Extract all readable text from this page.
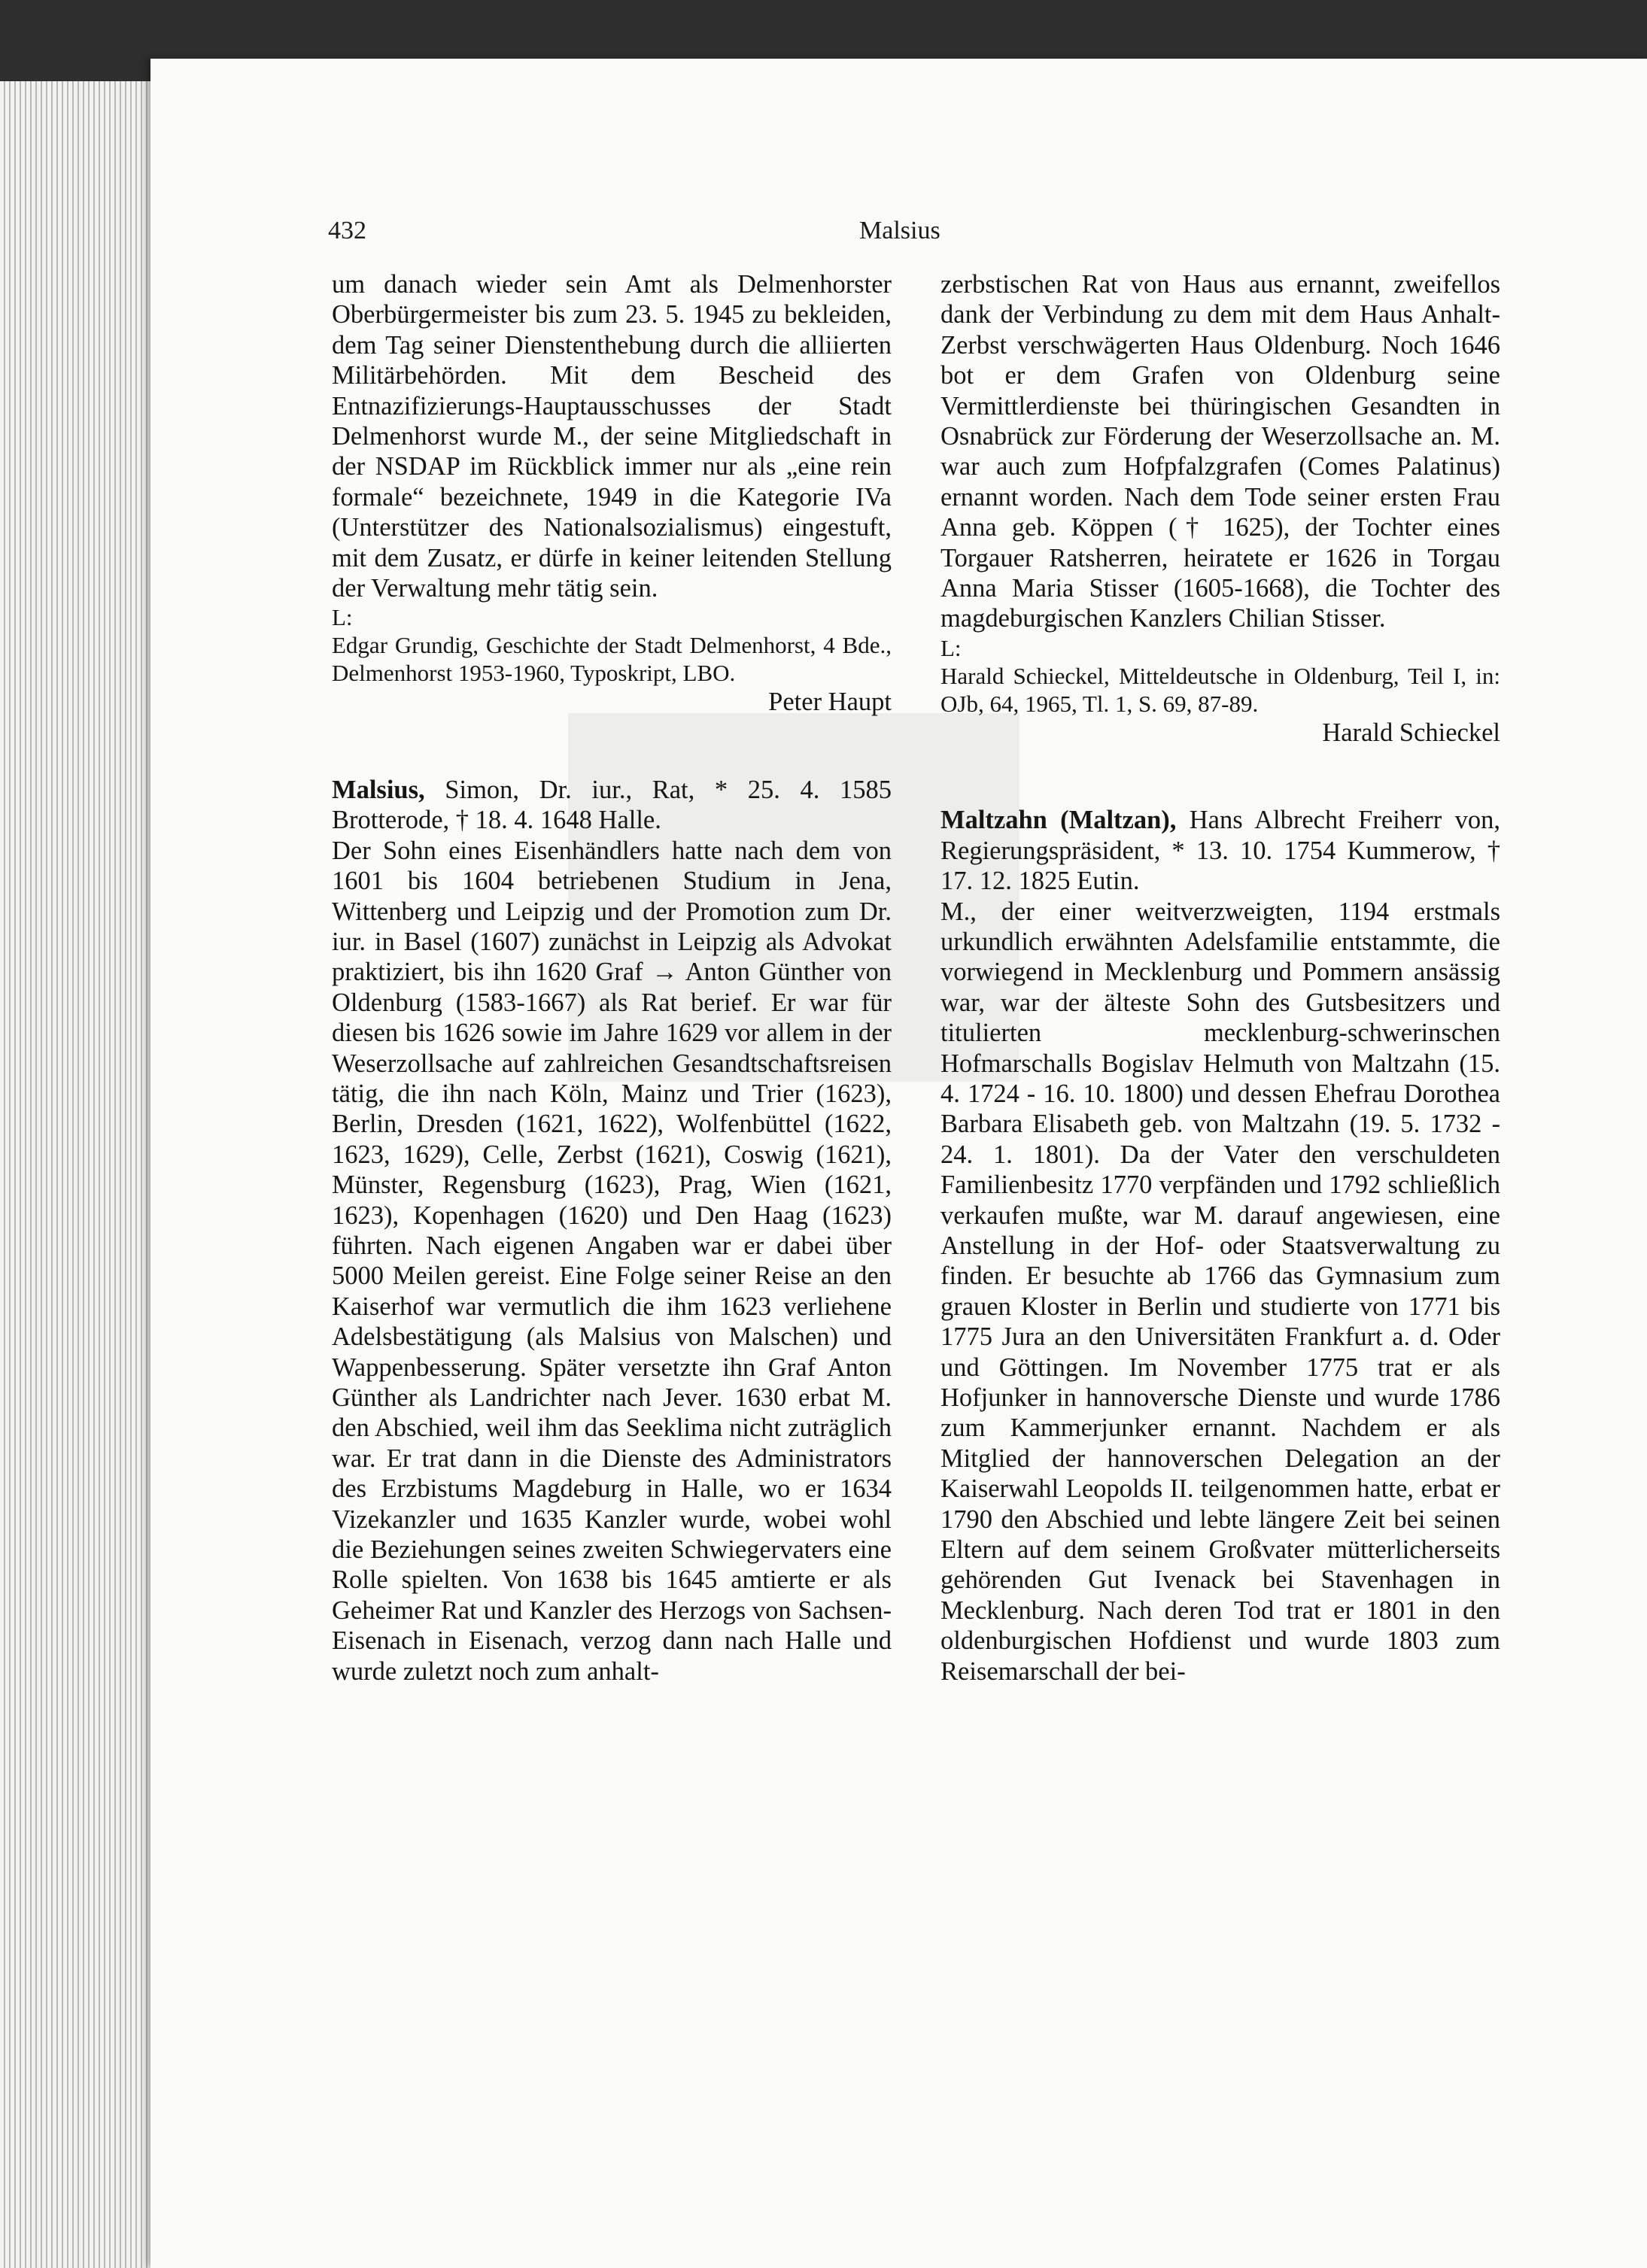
432	Malsius

um danach wieder sein Amt als Delmenhorster Oberbürgermeister bis zum 23. 5. 1945 zu bekleiden, dem Tag seiner Dienstenthebung durch die alliierten Militärbehörden. Mit dem Bescheid des Entnazifizierungs-Hauptausschusses der Stadt Delmenhorst wurde M., der seine Mitgliedschaft in der NSDAP im Rückblick immer nur als „eine rein formale“ bezeichnete, 1949 in die Kategorie IVa (Unterstützer des Nationalsozialismus) eingestuft, mit dem Zusatz, er dürfe in keiner leitenden Stellung der Verwaltung mehr tätig sein.

L:

Edgar Grundig, Geschichte der Stadt Delmenhorst, 4 Bde., Delmenhorst 1953-1960, Typoskript, LBO.

Peter Haupt

Malsius, Simon, Dr. iur., Rat, * 25. 4. 1585 Brotterode, † 18. 4. 1648 Halle.

Der Sohn eines Eisenhändlers hatte nach dem von 1601 bis 1604 betriebenen Studium in Jena, Wittenberg und Leipzig und der Promotion zum Dr. iur. in Basel (1607) zunächst in Leipzig als Advokat praktiziert, bis ihn 1620 Graf → Anton Günther von Oldenburg (1583-1667) als Rat berief. Er war für diesen bis 1626 sowie im Jahre 1629 vor allem in der Weserzollsache auf zahlreichen Gesandtschaftsreisen tätig, die ihn nach Köln, Mainz und Trier (1623), Berlin, Dresden (1621, 1622), Wolfenbüttel (1622, 1623, 1629), Celle, Zerbst (1621), Coswig (1621), Münster, Regensburg (1623), Prag, Wien (1621, 1623), Kopenhagen (1620) und Den Haag (1623) führten. Nach eigenen Angaben war er dabei über 5000 Meilen gereist. Eine Folge seiner Reise an den Kaiserhof war vermutlich die ihm 1623 verliehene Adelsbestätigung (als Malsius von Malschen) und Wappenbesserung. Später versetzte ihn Graf Anton Günther als Landrichter nach Jever. 1630 erbat M. den Abschied, weil ihm das Seeklima nicht zuträglich war. Er trat dann in die Dienste des Administrators des Erzbistums Magdeburg in Halle, wo er 1634 Vizekanzler und 1635 Kanzler wurde, wobei wohl die Beziehungen seines zweiten Schwiegervaters eine Rolle spielten. Von 1638 bis 1645 amtierte er als Geheimer Rat und Kanzler des Herzogs von Sachsen-Eisenach in Eisenach, verzog dann nach Halle und wurde zuletzt noch zum anhalt-

zerbstischen Rat von Haus aus ernannt, zweifellos dank der Verbindung zu dem mit dem Haus Anhalt-Zerbst verschwägerten Haus Oldenburg. Noch 1646 bot er dem Grafen von Oldenburg seine Vermittlerdienste bei thüringischen Gesandten in Osnabrück zur Förderung der Weserzollsache an. M. war auch zum Hofpfalzgrafen (Comes Palatinus) ernannt worden. Nach dem Tode seiner ersten Frau Anna geb. Köppen († 1625), der Tochter eines Torgauer Ratsherren, heiratete er 1626 in Torgau Anna Maria Stisser (1605-1668), die Tochter des magdeburgischen Kanzlers Chilian Stisser.

L:

Harald Schieckel, Mitteldeutsche in Oldenburg, Teil I, in: OJb, 64, 1965, Tl. 1, S. 69, 87-89.

Harald Schieckel

Maltzahn (Maltzan), Hans Albrecht Freiherr von, Regierungspräsident, * 13. 10. 1754 Kummerow, † 17. 12. 1825 Eutin.

M., der einer weitverzweigten, 1194 erstmals urkundlich erwähnten Adelsfamilie entstammte, die vorwiegend in Mecklenburg und Pommern ansässig war, war der älteste Sohn des Gutsbesitzers und titulierten mecklenburg-schwerinschen Hofmarschalls Bogislav Helmuth von Maltzahn (15. 4. 1724 - 16. 10. 1800) und dessen Ehefrau Dorothea Barbara Elisabeth geb. von Maltzahn (19. 5. 1732 - 24. 1. 1801). Da der Vater den verschuldeten Familienbesitz 1770 verpfänden und 1792 schließlich verkaufen mußte, war M. darauf angewiesen, eine Anstellung in der Hof- oder Staatsverwaltung zu finden. Er besuchte ab 1766 das Gymnasium zum grauen Kloster in Berlin und studierte von 1771 bis 1775 Jura an den Universitäten Frankfurt a. d. Oder und Göttingen. Im November 1775 trat er als Hofjunker in hannoversche Dienste und wurde 1786 zum Kammerjunker ernannt. Nachdem er als Mitglied der hannoverschen Delegation an der Kaiserwahl Leopolds II. teilgenommen hatte, erbat er 1790 den Abschied und lebte längere Zeit bei seinen Eltern auf dem seinem Großvater mütterlicherseits gehörenden Gut Ivenack bei Stavenhagen in Mecklenburg. Nach deren Tod trat er 1801 in den oldenburgischen Hofdienst und wurde 1803 zum Reisemarschall der bei-
